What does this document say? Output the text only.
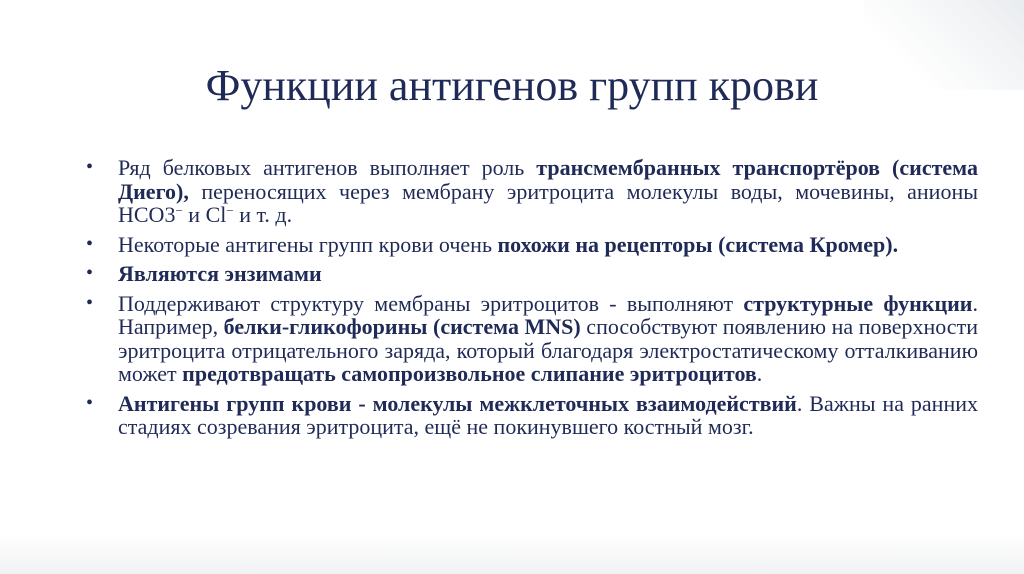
Функции антигенов групп крови
• Ряд белковых антигенов выполняет роль трансмембранных транспортёров (система Диего), переносящих через мембрану эритроцита молекулы воды, мочевины, анионы НСО3− и Cl− и т. д.
• Некоторые антигены групп крови очень похожи на рецепторы (система Кромер).
• Являются энзимами
• Поддерживают структуру мембраны эритроцитов - выполняют структурные функции. Например, белки-гликофорины (система MNS) способствуют появлению на поверхности эритроцита отрицательного заряда, который благодаря электростатическому отталкиванию может предотвращать самопроизвольное слипание эритроцитов.
• Антигены групп крови - молекулы межклеточных взаимодействий. Важны на ранних стадиях созревания эритроцита, ещё не покинувшего костный мозг.
